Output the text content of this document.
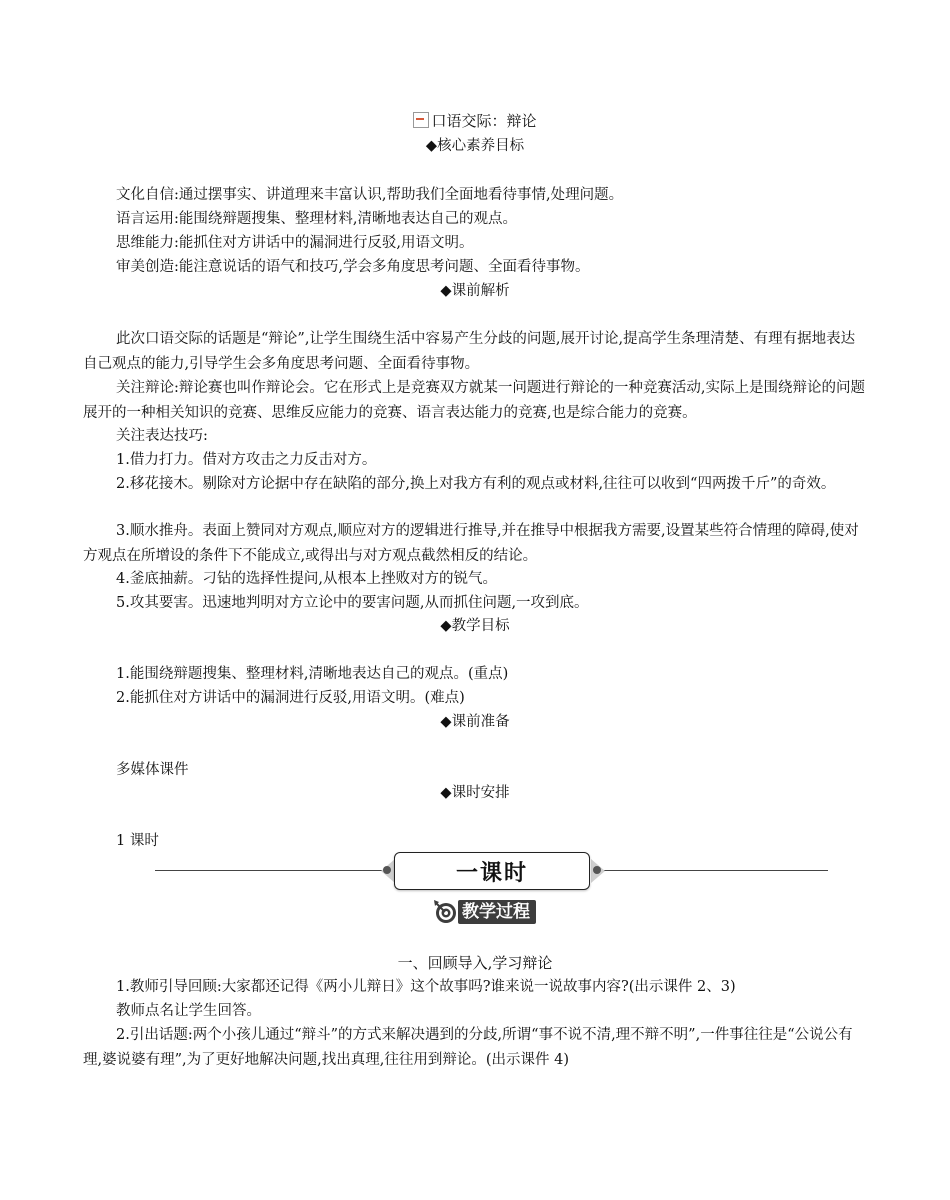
口语交际：辩论
◆核心素养目标
文化自信:通过摆事实、讲道理来丰富认识,帮助我们全面地看待事情,处理问题。
语言运用:能围绕辩题搜集、整理材料,清晰地表达自己的观点。
思维能力:能抓住对方讲话中的漏洞进行反驳,用语文明。
审美创造:能注意说话的语气和技巧,学会多角度思考问题、全面看待事物。
◆课前解析
此次口语交际的话题是“辩论”,让学生围绕生活中容易产生分歧的问题,展开讨论,提高学生条理清楚、有理有据地表达自己观点的能力,引导学生会多角度思考问题、全面看待事物。
关注辩论:辩论赛也叫作辩论会。它在形式上是竞赛双方就某一问题进行辩论的一种竞赛活动,实际上是围绕辩论的问题展开的一种相关知识的竞赛、思维反应能力的竞赛、语言表达能力的竞赛,也是综合能力的竞赛。
关注表达技巧:
1.借力打力。借对方攻击之力反击对方。
2.移花接木。剔除对方论据中存在缺陷的部分,换上对我方有利的观点或材料,往往可以收到“四两拨千斤”的奇效。
3.顺水推舟。表面上赞同对方观点,顺应对方的逻辑进行推导,并在推导中根据我方需要,设置某些符合情理的障碍,使对方观点在所增设的条件下不能成立,或得出与对方观点截然相反的结论。
4.釜底抽薪。刁钻的选择性提问,从根本上挫败对方的锐气。
5.攻其要害。迅速地判明对方立论中的要害问题,从而抓住问题,一攻到底。
◆教学目标
1.能围绕辩题搜集、整理材料,清晰地表达自己的观点。(重点)
2.能抓住对方讲话中的漏洞进行反驳,用语文明。(难点)
◆课前准备
多媒体课件
◆课时安排
1 课时
一课时
教学过程
一、回顾导入,学习辩论
1.教师引导回顾:大家都还记得《两小儿辩日》这个故事吗?谁来说一说故事内容?(出示课件 2、3)
教师点名让学生回答。
2.引出话题:两个小孩儿通过“辩斗”的方式来解决遇到的分歧,所谓“事不说不清,理不辩不明”,一件事往往是“公说公有理,婆说婆有理”,为了更好地解决问题,找出真理,往往用到辩论。(出示课件 4)
